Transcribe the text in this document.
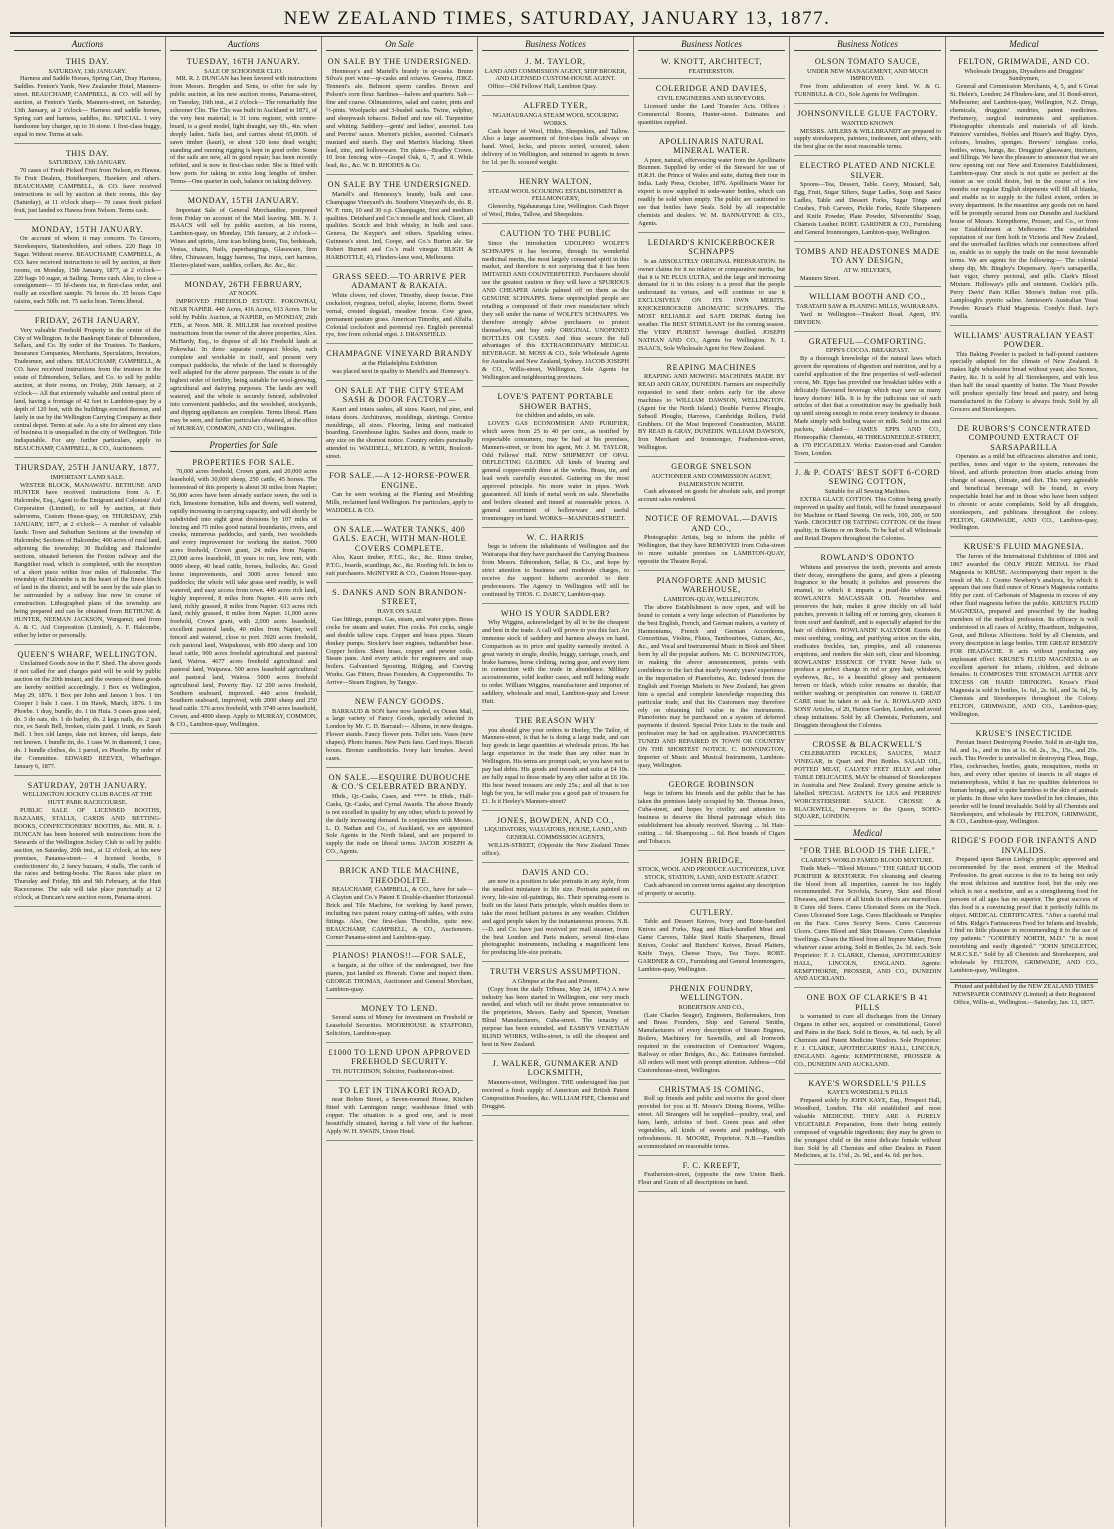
NEW ZEALAND TIMES, SATURDAY, JANUARY 13, 1877.
Auctions
THIS DAY.
SATURDAY, 13th JANUARY.

Harness and Saddle Horses, Spring Cart, Dray Harness, Saddles. Fenton's Yards, New Zealander Hotel, Manners-street. BEAUCHAMP, CAMPBELL, & CO. will sell by auction, at Fenton's Yards, Manners-street, on Saturday, 13th January, at 2 o'clock— Harness and saddle horses, Spring cart and harness, saddles, &c. SPECIAL. 1 very handsome bay charger, up to 16 stone. 1 first-class buggy, equal to new. Terms at sale.

THIS DAY.
SATURDAY, 13th JANUARY.

70 cases of Fresh Picked Fruit from Nelson, ex Hawea. To Fruit Dealers, Hotelkeepers, Hawkers and others. BEAUCHAMP, CAMPBELL, & CO. have received instructions to sell by auction at their rooms, this day (Saturday), at 11 o'clock sharp— 70 cases fresh picked fruit, just landed ex Hawea from Nelson. Terms cash.

MONDAY, 15TH JANUARY.

On account of whom it may concern. To Grocers, Storekeepers, Stationholders, and others. 220 Bags 10 Sugar. Without reserve. BEAUCHAMP, CAMPBELL, & CO. have received instructions to sell by auction, at their rooms, on Monday, 15th January, 1877, at 2 o'clock— 220 bags 10 sugar, at Sailing. Terms cash. Also, to close a consignment— 55 hf-chests tea, in first-class order, and really an excellent sample. 76 boxes do. 35 boxes Cape raisins, each 50lb. net. 75 sacks bran. Terms liberal.

FRIDAY, 26TH JANUARY.

Very valuable Freehold Property in the centre of the City of Wellington. In the Bankrupt Estate of Edmondson, Sellars, and Co. By order of the Trustees. To Bankers, Insurance Companies, Merchants, Speculators, Investors, Tradesmen, and others. BEAUCHAMP, CAMPBELL, & CO. have received instructions from the trustees in the estate of Edmondson, Sellars, and Co. to sell by public auction, at their rooms, on Friday, 26th January, at 2 o'clock— All that extremely valuable and central piece of land, having a frontage of 42 feet to Lambton-quay by a depth of 120 feet, with the buildings erected thereon, and lately in use by the Wellington Carrying Company as their central depot. Terms at sale. As a site for almost any class of business it is unequalled in the city of Wellington. Title indisputable. For any further particulars, apply to BEAUCHAMP, CAMPBELL, & CO., Auctioneers.

THURSDAY, 25TH JANUARY, 1877.
IMPORTANT LAND SALE.

WESTER BLOCK, MANAWATU. BETHUNE AND HUNTER have received instructions from A. F. Halcombe, Esq., Agent to the Emigrant and Colonists' Aid Corporation (Limited), to sell by auction, at their salerooms, Custom House-quay, on THURSDAY, 25th JANUARY, 1877, at 2 o'clock— A number of valuable lands: Town and Suburban Sections at the township of Halcombe; Sections of Halcombe; 400 acres of rural land, adjoining the township; 30 Building and Halcombe sections, situated between the Foxton railway and the Rangitikei road, which is completed, with the exception of a short piece within four miles of Halcombe. The township of Halcombe is in the heart of the finest block of land in the district, and will be seen by the sale plan to be surrounded by a railway line now in course of construction. Lithographed plans of the township are being prepared and can be obtained from BETHUNE & HUNTER, NEEMAN JACKSON, Wanganui; and from A. & C. Aid Corporation (Limited), A. F. Halcombe, either by letter or personally.

QUEEN'S WHARF, WELLINGTON.

Unclaimed Goods now in the F. Shed. The above goods if not called for and charges paid will be sold by public auction on the 20th instant, and the owners of these goods are hereby notified accordingly. 1 Box ex Wellington, May 29, 1876. 1 Box per John and Janson 1 box. 1 tin Cooper 1 bale 1 case. 1 tin Hawk, March, 1876. 1 tin Phoebe. 1 dray, bundle, do. 1 tin Huia. 3 cases grass seed, do. 3 do oats, do. 1 do barley, do. 2 kegs nails, do. 2 pair rice, ex Sarah Bell, broken, claim paid. 1 trunk, ex Sarah Bell. 1 box old lamps, date not known, old lamps, date not known. 1 bundle tin, do. 1 case W. in diamond, 1 case, do. 1 bundle clothes, do. 1 parcel, ex Phoebe. By order of the Committee. EDWARD REEVES, Wharfinger. January 6, 1877.

SATURDAY, 20TH JANUARY.
WELLINGTON JOCKEY CLUB RACES AT THE HUTT PARK RACECOURSE.

PUBLIC SALE OF LICENSED BOOTHS, BAZAARS, STALLS, CARDS AND BETTING-BOOKS, CONFECTIONERS' BOOTHS, &c. MR. R. J. DUNCAN has been honored with instructions from the Stewards of the Wellington Jockey Club to sell by public auction, on Saturday, 20th inst., at 12 o'clock, at his new premises, Panama-street— 4 licensed booths, 6 confectioners' do, 2 fancy bazaars, 4 stalls, The cards of the races and betting-books. The Races take place on Thursday and Friday, 8th and 9th February, at the Hutt Racecourse. The sale will take place punctually at 12 o'clock, at Duncan's new auction room, Panama-street.

Auctions
TUESDAY, 16TH JANUARY.
SALE OF SCHOONER CLIO.

MR. R. J. DUNCAN has been favored with instructions from Messrs. Brogden and Sons, to offer for sale by public auction, at his new auction rooms, Panama-street, on Tuesday, 16th inst., at 2 o'clock— The remarkably fine schooner Clio. The Clio was built in Auckland in 1871, of the very best material; is 31 tons register, with centre-board, is a good model, light draught, say 6ft., 4in. when deeply laden. Sails fast, and carries about 65,000ft. of sawn timber (kauri), or about 120 tons dead weight; standing and running rigging is kept in good order. Some of the sails are new, all in good repair; has been recently refitted, and is now in first-class order. She is fitted with bow ports for taking in extra long lengths of timber. Terms—One quarter in cash, balance on taking delivery.

MONDAY, 15TH JANUARY.

Important Sale of General Merchandise, postponed from Friday on account of the Mail leaving. MR. N. J. ISAACS will sell by public auction, at his rooms, Lambton-quay, on Monday, 15th January, at 2 o'clock— Wines and spirits, Ame ican bolting boots, Tea, bedsteads, Vestas, chairs, Nails, paperhangings, Glassware, firm fibre, Chinaware, buggy harness, Tea trays, cart harness, Electro-plated ware, saddles, collars, &c. &c., &c.

MONDAY, 26TH FEBRUARY,
AT NOON.

IMPROVED FREEHOLD ESTATE. POKOWHAI, NEAR NAPIER. 440 Acres, 416 Acres, 613 Acres. To be sold by Public Auction, at NAPIER, on MONDAY, 26th FEB., at Noon. MR. R. MILLER has received positive instructions from the owner of the above properties, Alex. McHardy, Esq., to dispose of all his Freehold lands at Pokowhai. In three separate compact blocks, each complete and workable in itself, and present very compact paddocks, the whole of the land is thoroughly well adapted for the above purposes. The estate is of the highest order of fertility, being suitable for wool-growing, agricultural and dairying purposes. The lands are well watered, and the whole is securely fenced, subdivided into convenient paddocks, and the woolshed, stockyards, and dipping appliances are complete. Terms liberal. Plans may be seen, and further particulars obtained, at the office of MURRAY, COMMON, AND CO., Wellington.

Properties for Sale
PROPERTIES FOR SALE.

70,000 acres freehold, Crown grant, and 20,000 acres leasehold, with 30,000 sheep, 250 cattle, 45 horses. The homestead of this property is about 30 miles from Napier; 56,000 acres have been already surface sown, the soil is rich, limestone formation, hills and downs, well watered, rapidly increasing in carrying capacity, and will shortly be subdivided into eight great divisions by 107 miles of fencing and 75 miles good natural boundaries, rivers, and creeks, numerous paddocks, and yards, two woolsheds and every improvement for working the station. 7000 acres freehold, Crown grant, 24 miles from Napier. 23,000 acres leasehold, 18 years to run, low rent, with 9000 sheep, 40 head cattle, horses, bullocks, &c. Good home improvements, and 3000 acres fenced into paddocks; the whole will take grass seed readily, is well watered, and easy access from town. 449 acres rich land, highly improved, 8 miles from Napier. 416 acres rich land, richly grassed, 8 miles from Napier. 613 acres rich land, richly grassed, 8 miles from Napier. 11,000 acres freehold, Crown grant, with 2,000 acres leasehold, excellent pastoral lands, 40 miles from Napier, well fenced and watered, close to port. 3920 acres freehold, rich pastoral land, Waipukurau, with 890 sheep and 100 head cattle, 900 acres freehold agricultural and pastoral land, Wairoa. 4677 acres freehold agricultural and pastoral land, Waipawa. 500 acres leasehold agricultural and pastoral land, Wairoa. 5000 acres freehold agricultural land, Poverty Bay. 12 200 acres freehold, Southern seaboard, improved. 440 acres freehold, Southern seaboard, improved, with 2000 sheep and 250 head cattle. 576 acres freehold, with 3740 acres leasehold, Crown, and 4000 sheep. Apply to MURRAY, COMMON, & CO., Lambton-quay, Wellington.

On Sale
ON SALE BY THE UNDERSIGNED.

Hennessy's and Martell's brandy in qr-casks. Bruno Silva's port wine—qr-casks and octaves. Geneva, JDKZ. Tennent's ale. Belmont sperm candles. Brown and Polson's corn flour. Sardines—halves and quarters. Salt—fine and coarse. Oilmanstores, salad and castor, pints and ½-pints. Woolpacks and 3-bushel sacks. Twine, sulphur, and sheepwash tobacco. Bolted and raw oil. Turpentine and whiting. Saddlery—gents' and ladies', assorted. Lea and Perrins' sauce. Morton's pickles, assorted. Colman's mustard and starch. Day and Martin's blacking. Sheet lead, zinc, and hollowware. Tin plates—Bradley Crown. 10 Iron fencing wire—Gospel Oak, 6, 7, and 8. While lead, &c., &c. W. B. RHODES & Co.

ON SALE BY THE UNDERSIGNED.

Martell's and Hennessy's brandy, bulk and case. Champagne Vineyard's do. Southern Vineyard's do, do. R. W. P. rum, 10 and 30 o.p. Champagne, first and medium qualities. Deinhard and Co.'s moselle and hock. Claret, all qualities. Scotch and Irish whisky, in bulk and case. Geneva, De Kuyper's and others. Sparkling wines. Guinness's stout. Ind, Coope, and Co.'s Burton ale. Sir Robert Burnett and Co.'s malt vinegar. BLIGH & HARBOTTLE, 43, Flinders-lane west, Melbourne.

GRASS SEED.—TO ARRIVE PER ADAMANT & RAKAIA.

White clover, red clover, Timothy, sheep fescue. Fine cocksfoot, ryegrass, trefoil, alsyke, lucerne, florin. Sweet vernal, crested dogstail, meadow fescue. Cow grass, permanent pasture grass. American Timothy, and Alfalfa. Colonial cocksfoot and perennial rye. English perennial rye, free from colonial ergot. J. DRANSFIELD.

CHAMPAGNE VINEYARD BRANDY
at the Philadelphia Exhibition

was placed next in quality to Martell's and Hennessy's.

ON SALE AT THE CITY STEAM SASH & DOOR FACTORY—

Kauri and totara sashes, all sizes. Kauri, red pine, and totara doors. Architraves, mouldings, skirtings. Cornice mouldings, all sizes. Flooring, lining and rusticated boarding. Greenhouse lights. Sashes and doors, made to any size on the shortest notice. Country orders punctually attended to. WADDELL, M'LEOD, & WEIR, Boulcott-street.

FOR SALE.—A 12-HORSE-POWER ENGINE.

Can be seen working at the Planing and Moulding Mills, reclaimed land Wellington. For particulars, apply to WADDELL & CO.

ON SALE.—WATER TANKS, 400 GALS. EACH, WITH MAN-HOLE COVERS COMPLETE.

Also, Kauri timber, P.T.G., &c., &c. Rimu timber, P.T.G., boards, scantlings, &c., &c. Roofing felt. In lots to suit purchasers. McINTYRE & CO., Custom House-quay.

S. DANKS AND SON BRANDON-STREET,
HAVE ON SALE

Gas fittings, pumps. Gas, steam, and water pipes. Brass cocks for steam and water. Fire cocks. Pot cocks, single and double tallow cups. Copper and brass pipes. Steam donkey pumps. Stocker's beer engines, indiarubber hose. Copper boilers. Sheet brass, copper and pewter coils. Steam pans. And every article for engineers and soap boilers. Galvanised Spouting, Ridging, and Curving Works. Gas Fitters, Brass Founders, & Coppersmiths. To Arrive—Steam Engines, by Tangye.

NEW FANCY GOODS.

BARRAUD & SON have now landed, ex Ocean Mail, a large variety of Fancy Goods, specially selected in London by Mr. C. D. Barraud:— Albums, in new designs. Flower stands. Fancy flower pots. Tollet sets. Vases (new shapes). Photo frames. New Paris fans. Card trays. Biscuit boxes. Bronze candlesticks. Ivory hair brushes. Jewel cases.

ON SALE.—ESQUIRE DUBOUCHE & CO.'S CELEBRATED BRANDY.

Hhds., Qr.-Casks, Cases, and ****. In Hhds., Half-Casks, Qr.-Casks, and Cyrnal Awards. The above Brandy is not excelled in quality by any other, which is proved by the daily increasing demand. In conjunction with Messrs. L. D. Nathan and Co., of Auckland, we are appointed Sole Agents in the North Island, and are prepared to supply the trade on liberal terms. JACOB JOSEPH & CO., Agents.

BRICK AND TILE MACHINE, THEODOLITE.

BEAUCHAMP, CAMPBELL, & CO., have for sale— A Clayton and Co.'s Patent E Double-chamber Horizontal Brick and Tile Machine, for working by hand power, including two patent rotary cutting-off tables, with extra fittings. Also, One first-class Theodolite, quite new. BEAUCHAMP, CAMPBELL, & CO., Auctioneers. Corner Panama-street and Lambton-quay.

PIANOS! PIANOS!!—FOR SALE,

a bargain, at the office of the undersigned, two fine pianos, just landed ex Howrah. Come and inspect them. GEORGE THOMAS, Auctioneer and General Merchant, Lambton-quay.

MONEY TO LEND.

Several sums of Money for investment on Freehold or Leasehold Securities. MOORHOUSE & STAFFORD, Solicitors, Lambton-quay.

£1000 TO LEND UPON APPROVED FREEHOLD SECURITY.

TH. HUTCHISON, Solicitor, Featherston-street.

TO LET IN TINAKORI ROAD,

near Bolton Street, a Seven-roomed House, Kitchen fitted with Lamington range; washhouse fitted with copper. The situation is a good one, and is most beautifully situated, having a full view of the harbour. Apply W. H. SWAIN, Union Hotel.

Business Notices
J. M. TAYLOR,
LAND AND COMMISSION AGENT, SHIP BROKER, AND LICENSED CUSTOM-HOUSE AGENT.

Office—Old Fellows' Hall, Lambton Quay.

ALFRED TYER,
NGAHAURANGA STEAM WOOL SCOURING WORKS.

Cash buyer of Wool, Hides, Sheepskins, and Tallow. Also a large assortment of first-class bulls always on hand. Wool, locks, and pieces sorted, scoured, taken delivery of in Wellington, and returned to agents in town for 1d. per lb. scoured weight.

HENRY WALTON,
STEAM WOOL SCOURING ESTABLISHMENT & FELLMONGERY,

Glenorchy, Ngahauranga Line, Wellington. Cash Buyer of Wool, Hides, Tallow, and Sheepskins.

CAUTION TO THE PUBLIC

Since the introduction UDOLPHO WOLFE'S SCHNAPPS it has become, through its wonderful medicinal merits, the most largely consumed spirit in this market, and therefore is not surprising that it has been IMITATED AND COUNTERFEITED. Purchasers should use the greatest caution or they will have a SPURIOUS AND CHEAPER Article palmed off on them as the GENUINE SCHNAPPS. Some unprincipled people are retailing a compound of their own manufacture which they sell under the name of WOLFE'S SCHNAPPS. We therefore strongly advise purchasers to protect themselves, and buy only ORIGINAL UNOPENED BOTTLES OR CASES. And thus secure the full advantages of this EXTRAORDINARY MEDICAL BEVERAGE. M. MOSS & CO., Sole Wholesale Agents for Australia and New Zealand, Sydney. JACOB JOSEPH & CO., Willis-street, Wellington, Sole Agents for Wellington and neighbouring provinces.

LOVE'S PATENT PORTABLE SHOWER BATHS,
for children and adults, on sale.

LOVE'S GAS ECONOMISER AND PURIFIER, which saves from 25 to 40 per cent., as testified by respectable consumers, may be had at his premises, Manners-street, or from his agent, Mr. J. M. TAYLOR, Odd Fellows' Hall. NEW SHIPMENT OF OPAL DEFLECTING GLOBES. All kinds of brazing and general copper-smith done at the works. Brass, tin, and lead work carefully executed. Guttering on the most approved principle. No more water in pipes. Work guaranteed. All kinds of metal work on sale. Showbaths and boilers cleaned and tinned at reasonable prices. A general assortment of hollowware and useful ironmongery on hand. WORKS—MANNERS-STREET.

W. C. HARRIS

begs to inform the inhabitants of Wellington and the Wairarapa that they have purchased the Carrying Business from Messrs. Edmondson, Sellar, & Co., and hope by strict attention to business and moderate charges, to receive the support hitherto accorded to their predecessors. The Agency in Wellington will still be continued by THOS. C. DARCY, Lambton-quay.

WHO IS YOUR SADDLER?

Why Wiggins, acknowledged by all to be the cheapest and best in the trade. A call will prove to you this fact. An immense stock of saddlery and harness always on hand. Comparison as to price and quality earnestly invited. A great variety in single, double, buggy, carriage, coach, and brake harness, horse clothing, racing gear, and every item in connection with the trade in abundance. Military accoutrements, solid leather cases, and mill belting made to order. William Wiggins, manufacturer and importer of saddlery, wholesale and retail, Lambton-quay and Lower Hutt.

THE REASON WHY

you should give your orders to Heeley, The Tailor, of Manners-street, is that he is doing a large trade, and can buy goods in large quantities at wholesale prices. He has large experience in the trade than any other man in Wellington. His terms are prompt cash, so you have not to pay bad debts. His goods and tweeds and suits at £4 10s. are fully equal to those made by any other tailor at £6 10s. His best tweed trousers are only 25s.; and all that is too high for you, he will make you a good pair of trousers for £1. Is it Heeley's Manners-street?

JONES, BOWDEN, AND CO.,
LIQUIDATORS, VALUATORS, HOUSE, LAND, AND GENERAL COMMISSION AGENTS,

WILLIS-STREET, (Opposite the New Zealand Times office).

DAVIS AND CO.

are now in a position to take portraits in any style, from the smallest miniature to life size. Portraits painted on ivory, life-size oil-paintings, &c. Their operating-room is built on the latest Paris principle, which enables them to take the most brilliant pictures in any weather. Children and aged people taken by the instantaneous process. N.B.—D. and Co. have just received per mail steamer, from the best London and Paris makers, several first-class photographic instruments, including a magnificent lens for producing life-size portraits.

TRUTH VERSUS ASSUMPTION.
A Glimpse at the Past and Present.

(Copy from the daily Tribune, May 24, 1874.) A new industry has been started in Wellington, one very much needed, and which will no doubt prove remunerative to the proprietors, Messrs. Easby and Spencer, Venetian Blind Manufacturers, Cuba-street. The tenacity of purpose has been extended, and EASBY'S VENETIAN BLIND WORKS, Willis-street, is still the cheapest and best in New Zealand.

J. WALKER, GUNMAKER AND LOCKSMITH,

Manners-street, Wellington. THE undersigned has just received a fresh supply of American and British Patent Composition Powders, &c. WILLIAM FIFE, Chemist and Druggist.

Business Notices
W. KNOTT, ARCHITECT,
FEATHERSTON.
COLERIDGE AND DAVIES,
CIVIL ENGINEERS AND SURVEYORS.

Licensed under the Land Transfer Acts. Offices : Commercial Rooms, Hunter-street. Estimates and quantities supplied.

APOLLINARIS NATURAL MINERAL WATER.

A pure, natural, effervescing water from the Apollinaris Brunnen. Supplied by order of the Steward for use of H.R.H. the Prince of Wales and suite, during their tour in India. Lady Press, October, 1876. Apollinaris Water for export is now supplied in soda-water bottles, which can readily be sold when empty. The public are cautioned to see that bottles have Seals. Sold by all respectable chemists and dealers. W. M. BANNATYNE & CO., Agents.

LEDIARD'S KNICKERBOCKER SCHNAPPS

Is an ABSOLUTELY ORIGINAL PREPARATION. Its owner claims for it no relative or comparative merits, but that it is NE PLUS ULTRA, and the large and increasing demand for it in this colony is a proof that the people understand its virtues, and will continue to use it EXCLUSIVELY ON ITS OWN MERITS. KNICKERBOCKER AROMATIC SCHNAPPS. The MOST RELIABLE and SAFE DRINK during hot weather. The BEST STIMULANT for the coming season. The VERY PUREST beverage distilled. JOSEPH NATHAN AND CO., Agents for Wellington. N. J. ISAACS, Sole Wholesale Agent for New Zealand.

REAPING MACHINES

REAPING AND MOWING MACHINES MADE BY READ AND GRAY, DUNEDIN. Farmers are respectfully requested to send their orders early for the above machines to WILLIAM DAWSON, WELLINGTON. (Agent for the North Island.) Double Furrow Ploughs, Subsoil Ploughs, Harrows, Cambridge Rollers, Field Grubbers. Of the Most Improved Construction, MADE BY READ & GRAY, DUNEDIN. WILLIAM DAWSON, Iron Merchant and Ironmonger, Featherston-street, Wellington.

GEORGE SNELSON
AUCTIONEER AND COMMISSION AGENT, PALMERSTON NORTH.

Cash advanced on goods for absolute sale, and prompt account sales rendered.

NOTICE OF REMOVAL.—DAVIS AND CO.,

Photographic Artists, beg to inform the public of Wellington, that they have REMOVED from Cuba-street to more suitable premises on LAMBTON-QUAY, opposite the Theatre Royal.

PIANOFORTE AND MUSIC WAREHOUSE,
LAMBTON-QUAY, WELLINGTON.

The above Establishment is now open, and will be found to contain a very large selection of Pianofortes by the best English, French, and German makers, a variety of Harmoniums, French and German Accordeons, Concertinas, Violins, Flutes, Tambourines, Guitars, &c., &c., and Vocal and Instrumental Music in Book and Sheet form by all the popular authors. Mr. C. BONNINGTON, in making the above announcement, points with confidence to the fact that nearly twenty years' experience in the importation of Pianofortes, &c. Indexed from the English and Foreign Markets to New Zealand, has given him a special and complete knowledge respecting this particular trade, and that his Customers may therefore rely on obtaining full value in the instruments. Pianofortes may be purchased on a system of deferred payments if desired. Special Price Lists to the trade and profession may be had on application. PIANOFORTES TUNED AND REPAIRED IN TOWN OR COUNTRY ON THE SHORTEST NOTICE. C. BONNINGTON, Importer of Music and Musical Instruments, Lambton-quay, Wellington.

GEORGE ROBINSON

begs to inform his friends and the public that he has taken the premises lately occupied by Mr. Thomas Jones, Cuba-street, and hopes by civility and attention to business to deserve the liberal patronage which this establishment has already received. Shaving ... 3d. Hair-cutting ... 6d. Shampooing ... 6d. Best brands of Cigars and Tobacco.

JOHN BRIDGE,
STOCK, WOOL AND PRODUCE AUCTIONEER, LIVE STOCK, STATION, LAND, AND ESTATE AGENT.

Cash advanced on current terms against any description of property or security.

CUTLERY.

Table and Dessert Knives, Ivory and Bone-handled Knives and Forks, Stag and Black-handled Meat and Game Carvers, Table Steel Knife Sharpeners, Bread Knives, Cooks' and Butchers' Knives, Bread Platters, Knife Trays, Cheese Trays, Tea Trays. ROBT. GARDNER & CO., Furnishing and General Ironmongers, Lambton-quay, Wellington.

PHŒNIX FOUNDRY, WELLINGTON.
ROBERTSON AND CO.,

(Late Charles Seager), Engineers, Boilermakers, Iron and Brass Founders, Ship and General Smiths, Manufacturers of every description of Steam Engines, Boilers, Machinery for Sawmills, and all Ironwork required in the construction of Contractors' Wagons, Railway or other Bridges, &c., &c. Estimates furnished. All orders will meet with prompt attention. Address—Old Customhouse-street, Wellington.

CHRISTMAS IS COMING.

Roll up friends and public and receive the good cheer provided for you at H. Moore's Dining Rooms, Willis-street. All Strangers will be supplied—poultry, veal, and ham, lamb, sirloins of beef. Green peas and other vegetables, all kinds of sweets and puddings, with refreshments. H. MOORE, Proprietor. N.B.—Families accommodated on reasonable terms.

F. C. KREEFT,

Featherston-street, (opposite the new Union Bank. Flour and Grain of all descriptions on hand.

Business Notices
OLSON TOMATO SAUCE,
UNDER NEW MANAGEMENT, AND MUCH IMPROVED.

Free from adulteration of every kind. W. & G. TURNBULL & CO., Sole Agents for Wellington.

JOHNSONVILLE GLUE FACTORY.
WANTED KNOWN

MESSRS. AHLERS & WILLBRANDT are prepared to supply storekeepers, painters, tradesmen, and others, with the best glue on the most reasonable terms.

ELECTRO PLATED AND NICKLE SILVER.

Spoons—Tea, Dessert, Table. Gravy, Mustard, Salt, Egg, Fruit, Sugar Sifters, Sugar Ladles, Soup and Sauce Ladles, Table and Dessert Forks, Sugar Tongs and Crushes, Fish Carvers, Pickle Forks, Knife Sharpeners and Knife Powder, Plate Powder, Silversmiths' Soap, Chamois Leather. ROBT. GARDNER & CO., Furnishing and General Ironmongers, Lambton-quay, Wellington.

TOMBS AND HEADSTONES MADE TO ANY DESIGN,
AT W. HELYER'S,

Manners Street.

WILLIAM BOOTH AND CO.,
TARATAHI SAW & PLANING MILLS, WAIRARAPA.

Yard in Wellington—Tinakori Road. Agent, HY. DRYDEN.

GRATEFUL—COMFORTING.
EPPS'S COCOA. BREAKFAST.

By a thorough knowledge of the natural laws which govern the operations of digestion and nutrition, and by a careful application of the fine properties of well-selected cocoa, Mr. Epps has provided our breakfast tables with a delicately flavoured beverage which may save us many heavy doctors' bills. It is by the judicious use of such articles of diet that a constitution may be gradually built up until strong enough to resist every tendency to disease. Made simply with boiling water or milk. Sold in tins and packets, labelled— JAMES EPPS AND CO., Homeopathic Chemists, 48 THREADNEEDLE-STREET, & 170 PICCADILLY. Works: Euston-road and Camden Town, London.

J. & P. COATS' BEST SOFT 6-CORD SEWING COTTON,
Suitable for all Sewing Machines.

EXTRA GLACE COTTON. This Cotton being greatly improved in quality and finish, will be found unsurpassed for Machine or Hand Sewing. On reels, 100, 200, or 500 Yards. CROCHET OR TATTING COTTON. Of the finest quality, in Skeins or on Reels. To be had of all Wholesale and Retail Drapers throughout the Colonies.

ROWLAND'S ODONTO

Whitens and preserves the teeth, prevents and arrests their decay, strengthens the gums, and gives a pleasing fragrance to the breath; it polishes and preserves the enamel, to which it imparts a pearl-like whiteness. ROWLAND'S MACASSAR OIL Nourishes and preserves the hair, makes it grow thickly on all bald patches, prevents it falling off or turning grey, cleanses it from scurf and dandruff, and is especially adapted for the hair of children. ROWLANDS' KALYDOR Exerts the most soothing, cooling, and purifying action on the skin, eradicates freckles, tan, pimples, and all cutaneous eruptions, and renders the skin soft, clear and blooming. ROWLANDS' ESSENCE OF TYRE Never fails to produce a perfect change in red or grey hair, whiskers, eyebrows, &c., to a beautiful glossy and permanent brown or black, which color remains so durable, that neither washing or perspiration can remove it. GREAT CARE must be taken to ask for A. ROWLAND AND SONS' Articles, of 20, Hatton Garden, London, and avoid cheap imitations. Sold by all Chemists, Perfumers, and Druggists throughout the Colonies.

CROSSE & BLACKWELL'S

CELEBRATED PICKLES, SAUCES, MALT VINEGAR, in Quart and Pint Bottles. SALAD OIL, POTTED MEAT, CALVES' FEET JELLY and other TABLE DELICACIES, MAY be obtained of Storekeepers in Australia and New Zealand. Every genuine article is labelled. SPECIAL AGENTS for LEA and PERRINS' WORCESTERSHIRE SAUCE. CROSSE & BLACKWELL, Purveyors to the Queen, SOHO-SQUARE, LONDON.

Medical
"FOR THE BLOOD IS THE LIFE."
CLARKE'S WORLD FAMED BLOOD MIXTURE.

Trade Mark—"Blood Mixture." THE GREAT BLOOD PURIFIER & RESTORER. For cleansing and clearing the blood from all impurities, cannot be too highly recommended. For Scrofula, Scurvy, Skin and Blood Diseases, and Sores of all kinds its effects are marvellous. It Cures old Sores. Cures Ulcerated Sores on the Neck. Cures Ulcerated Sore Legs. Cures Blackheads or Pimples on the Face. Cures Scurvy Sores. Cures Cancerous Ulcers. Cures Blood and Skin Diseases. Cures Glandular Swellings. Clears the Blood from all Impure Matter, From whatever cause arising. Sold in Bottles, 2s. 3d. each. Sole Proprietor: F. J. CLARKE, Chemist, APOTHECARIES' HALL, LINCOLN, ENGLAND. Agents: KEMPTHORNE, PROSSER, AND CO., DUNEDIN AND AUCKLAND.

ONE BOX OF CLARKE'S B 41 PILLS

is warranted to cure all discharges from the Urinary Organs in either sex, acquired or constitutional, Gravel and Pains in the Back. Sold in Boxes, 4s. 6d. each, by all Chemists and Patent Medicine Vendors. Sole Proprietor: F. J. CLARKE, APOTHECARIES' HALL, LINCOLN, ENGLAND. Agents: KEMPTHORNE, PROSSER & CO., DUNEDIN AND AUCKLAND.

KAYE'S WORSDELL'S PILLS
KAYE'S WORSDELL'S PILLS

Prepared solely by JOHN KAYE, Esq., Prospect Hall, Woodford, London. The old established and most valuable MEDICINE. THEY ARE A PURELY VEGETABLE Preparation, from their being entirely composed of vegetable ingredients; they may be given to the youngest child or the most delicate female without fear. Sold by all Chemists and other Dealers in Patent Medicines, at 1s. 1½d., 2s. 9d., and 4s. 6d. per box.

Medical
FELTON, GRIMWADE, AND CO.
Wholesale Druggists, Drysalters and Druggists' Sundrymen,

General and Commission Merchants, 4, 5, and 6 Great St. Helen's, London; 24 Flinders-lane, and 31 Bond-street, Melbourne; and Lambton-quay, Wellington, N.Z. Drugs, chemicals, druggists' sundries, patent medicines. Perfumery, surgical instruments and appliances. Photographic chemicals and materials of all kinds. Painters' varnishes, Nobles and Hoare's and Rigby. Dyes, colours, brushes, sponges. Brewers' isinglass corks, bottles, wines, bungs, &c. Druggists' glassware, tinctures, and fillings. We have the pleasure to announce that we are now opening out our New and Extensive Establishment, Lambton-quay. Our stock is not quite so perfect at the outset as we could desire, but in the course of a few months our regular English shipments will fill all blanks, and enable us to supply to the fullest extent, orders in every department. In the meantime any goods not on hand will be promptly secured from our Dunedin and Auckland house of Messrs. Kempthorne, Prosser, and Co., or from our Establishment at Melbourne. The established reputation of our firm both in Victoria and New Zealand, and the unrivalled facilities which our connections afford us, enable us to supply the trade on the most favourable terms. We are agents for the following:— The colonial sheep dip, Mr. Bingley's Dispensary. Ayer's sarsaparilla, hair vigor, cherry pectoral, and pills. Clark's Blood Mixture. Holloway's pills and ointment. Cockle's pills. Perry Davis' Pain Killer. Morse's Indian root pills. Lamplough's pyretic saline. Jamieson's Australian Yeast Powder. Kruse's Fluid Magnesia. Condy's fluid. Jay's vanilla.

WILLIAMS' AUSTRALIAN YEAST POWDER.

This Baking Powder is packed in half-pound canisters specially adapted for the climate of New Zealand. It makes light wholesome bread without yeast; also Scones, Pastry, &c. It is sold by all Storekeepers, and with less than half the usual quantity of butter. The Yeast Powder will produce specially fine bread and pastry, and being manufactured in the Colony is always fresh. Sold by all Grocers and Storekeepers.

DE RUBORS'S CONCENTRATED COMPOUND EXTRACT OF SARSAPARILLA

Operates as a mild but efficacious alterative and tonic, purifies, tones and vigor to the system, renovates the blood, and affords protection from attacks arising from change of season, climate, and diet. This very agreeable and beneficial beverage will be found, in every respectable hotel bar and in those who have been subject to chronic or acute complaints. Sold by all druggists, storekeepers, and publicans throughout the colony. FELTON, GRIMWADE, AND CO., Lambton-quay, Wellington.

KRUSE'S FLUID MAGNESIA.

The Jurors of the International Exhibition of 1866 and 1867 awarded the ONLY PRIZE MEDAL for Fluid Magnesia to KRUSE. Accompanying their report is the result of Mr. J. Cosmo Newbery's analysis, by which it appears that one fluid ounce of Kruse's Magnesia contains fifty per cent. of Carbonate of Magnesia in excess of any other fluid magnesia before the public. KRUSE'S FLUID MAGNESIA, prepared and prescribed by the leading members of the medical profession. Its efficacy is well understood in all cases of Acidity, Heartburn, Indigestion, Gout, and Bilious Affections. Sold by all Chemists, and every description in large bottles. THE GREAT REMEDY FOR HEADACHE. It acts without producing any unpleasant effect. KRUSE'S FLUID MAGNESIA is an excellent aperient for infants, children, and delicate females. It COMPOSES THE STOMACH AFTER ANY EXCESS OR HARD DRINKING. Kruse's Fluid Magnesia is sold in bottles, 1s. 6d., 2s. 6d., and 3s. 6d., by Chemists and Storekeepers throughout the Colony. FELTON, GRIMWADE, AND CO., Lambton-quay, Wellington.

KRUSE'S INSECTICIDE

Persian Insect Destroying Powder. Sold in air-tight tins, 6d. and 1s., and in tins at 1s. 6d. 2s., 3s., 15s., and 20s. each. This Powder is unrivalled in destroying Fleas, Bugs, Flies, cockroaches, beetles, gnats, mosquitoes, moths in furs, and every other species of insects in all stages of metamorphosis, whilst it has no qualities deleterious to human beings, and is quite harmless to the skin of animals or plants. In those who have travelled in hot climates, this powder will be found invaluable. Sold by all Chemists and Storekeepers, and wholesale by FELTON, GRIMWADE, & CO., Lambton-quay, Wellington.

RIDGE'S FOOD FOR INFANTS AND INVALIDS.

Prepared upon Baron Liebig's principle; approved and recommended by the most eminent of the Medical Profession. Its great success is due to its being not only the most delicious and nutritive food, but the only one which is not a medicine, and as a strengthening food for persons of all ages has no superior. The great success of this food is a convincing proof that it perfectly fulfils its object. MEDICAL CERTIFICATES. "After a careful trial of Mrs. Ridge's Farinaceous Food for Infants and Invalids, I find no little pleasure in recommending it to the use of my patients." "GODFREY NORTH, M.D." "It is most nourishing and easily digested." "JOHN SINGLETON, M.R.C.S.E." Sold by all Chemists and Storekeepers, and wholesale by FELTON, GRIMWADE, AND CO., Lambton-quay, Wellington.

Printed and published by the NEW ZEALAND TIMES NEWSPAPER COMPANY (Limited) at their Registered Office, Willis-st., Wellington.—Saturday, Jan. 13, 1877.
